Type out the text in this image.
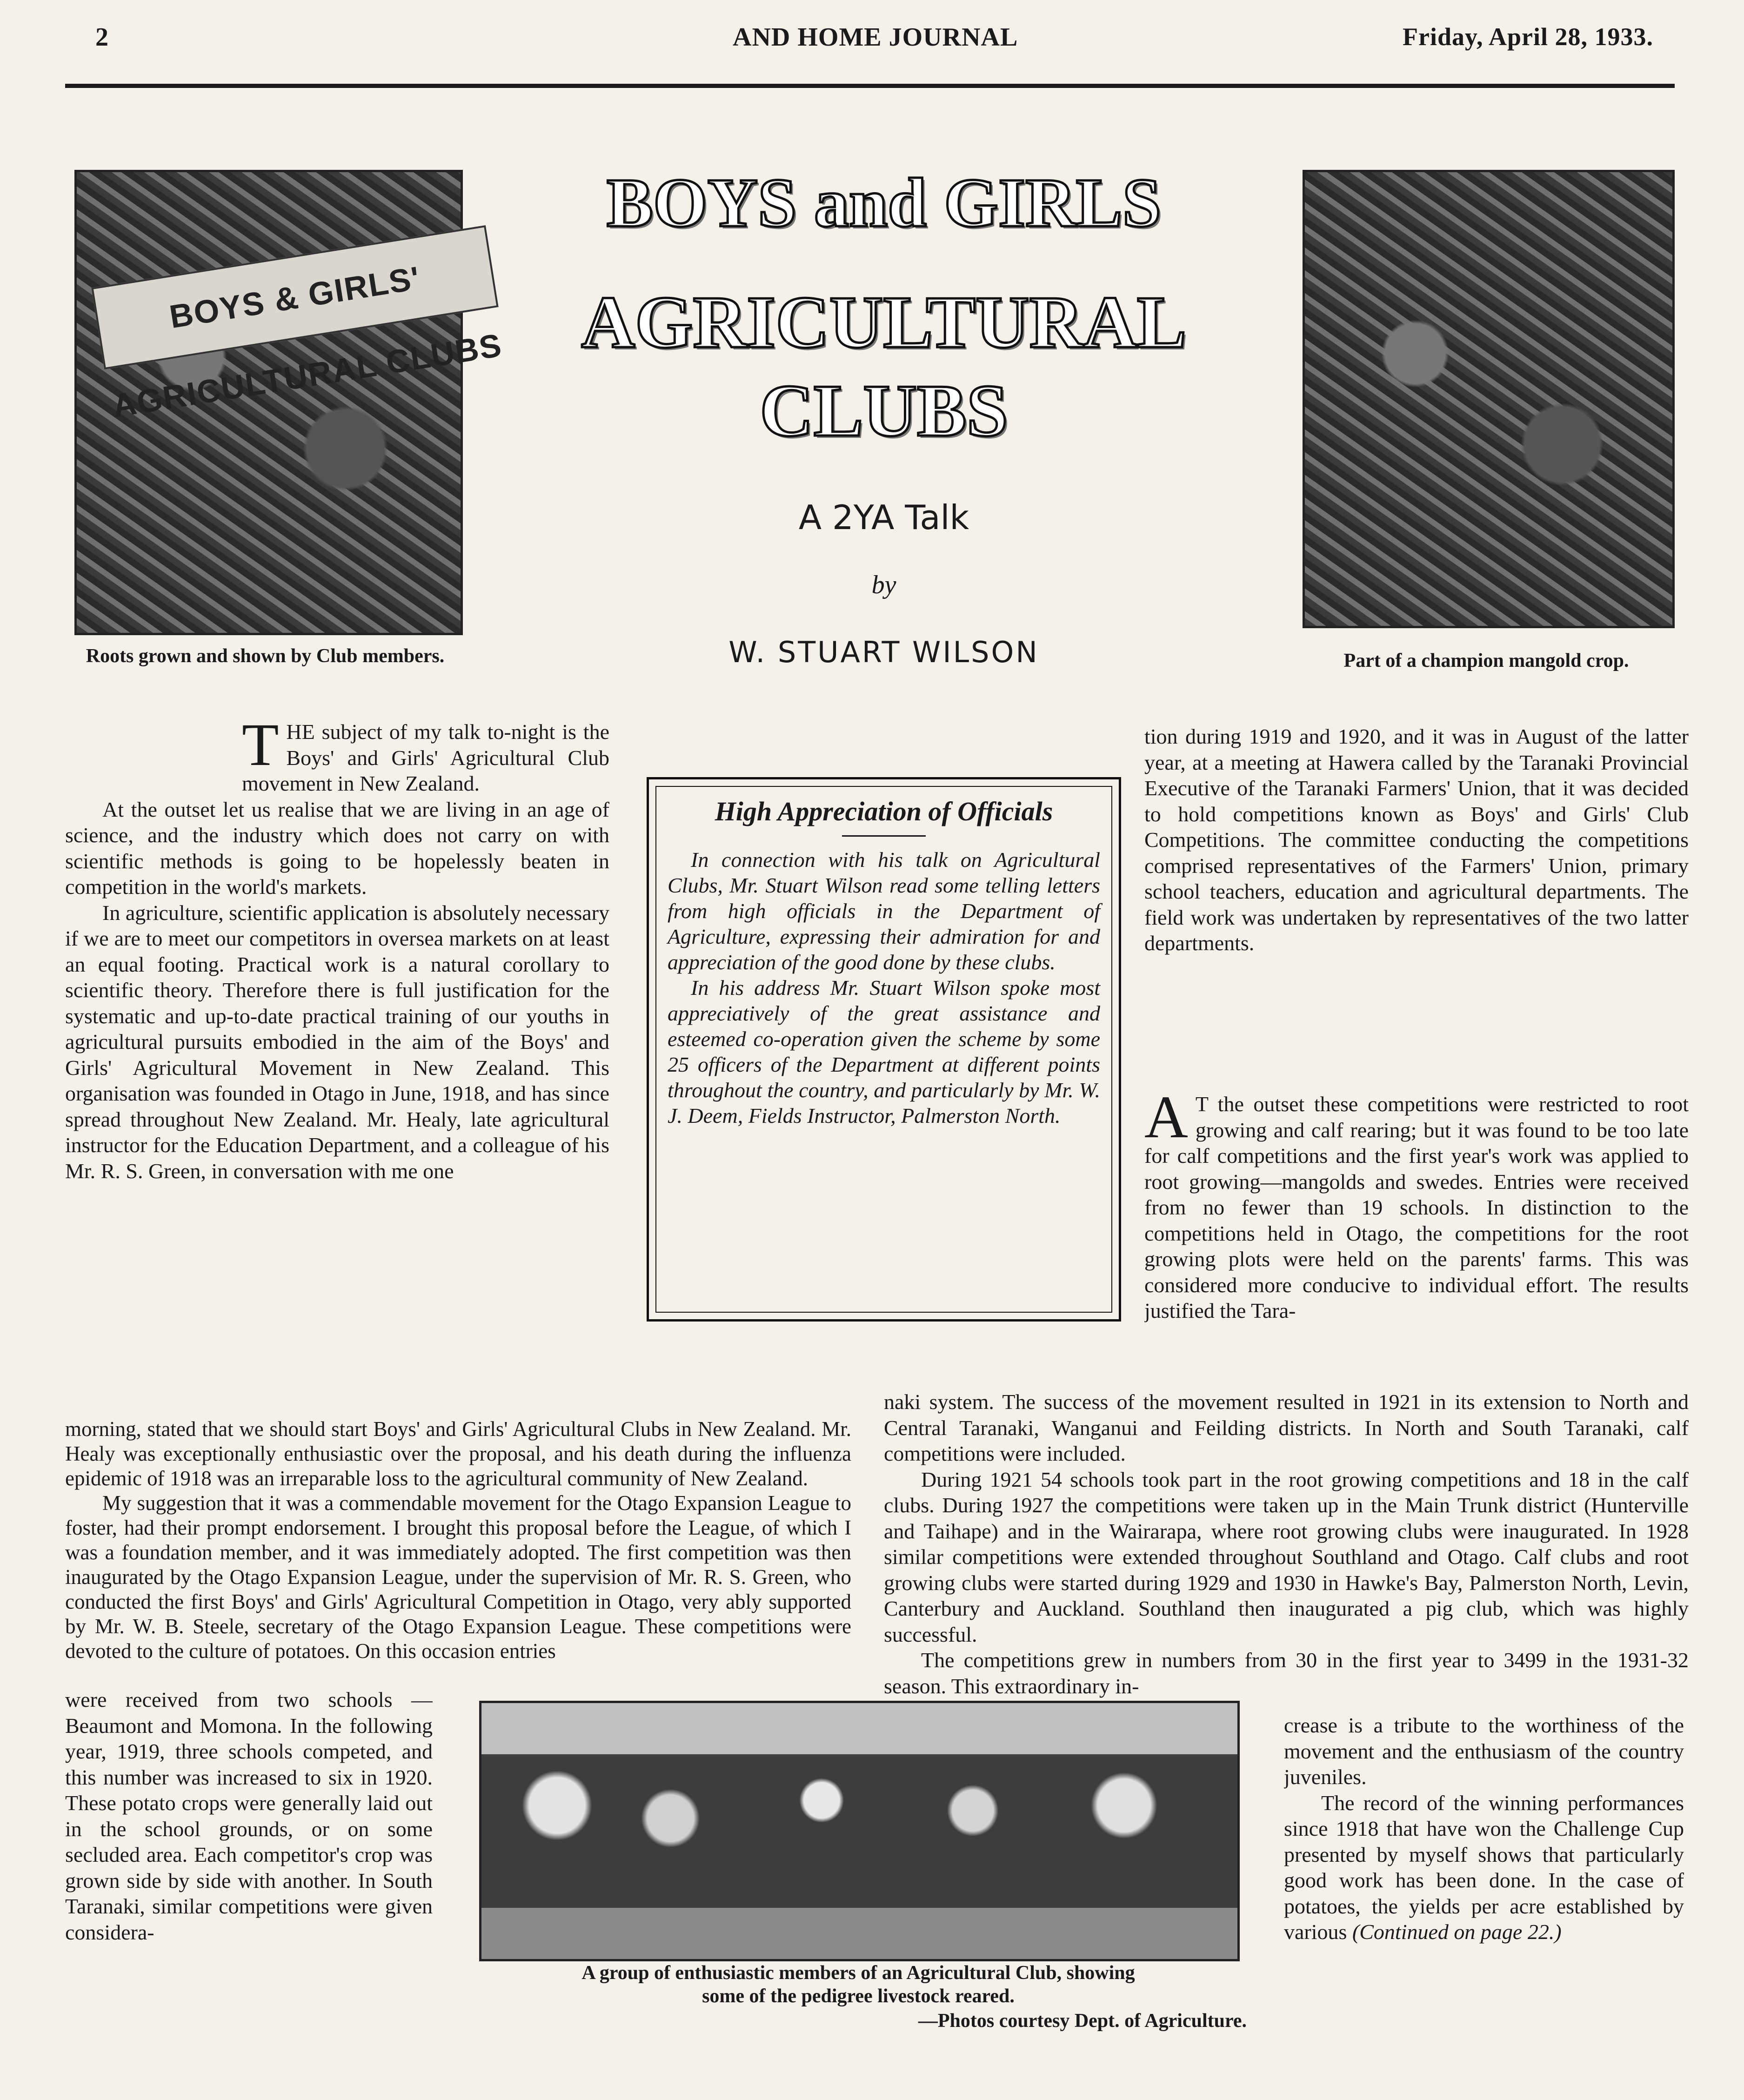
2	AND HOME JOURNAL	Friday, April 28, 1933.
BOYS & GIRLS' AGRICULTURAL CLUBS
Roots grown and shown by Club members.	Part of a champion mangold crop.
BOYS and GIRLS
AGRICULTURAL
CLUBS
A 2YA Talk
by
W. STUART WILSON
High Appreciation of Officials

In connection with his talk on Agricultural Clubs, Mr. Stuart Wilson read some telling letters from high officials in the Department of Agriculture, expressing their admiration for and appreciation of the good done by these clubs.

In his address Mr. Stuart Wilson spoke most appreciatively of the great assistance and esteemed co-operation given the scheme by some 25 officers of the Department at different points throughout the country, and particularly by Mr. W. J. Deem, Fields Instructor, Palmerston North.

THE subject of my talk to-night is the Boys' and Girls' Agricultural Club movement in New Zealand.

At the outset let us realise that we are living in an age of science, and the industry which does not carry on with scientific methods is going to be hopelessly beaten in competition in the world's markets.

In agriculture, scientific application is absolutely necessary if we are to meet our competitors in oversea markets on at least an equal footing. Practical work is a natural corollary to scientific theory. Therefore there is full justification for the systematic and up-to-date practical training of our youths in agricultural pursuits embodied in the aim of the Boys' and Girls' Agricultural Movement in New Zealand. This organisation was founded in Otago in June, 1918, and has since spread throughout New Zealand. Mr. Healy, late agricultural instructor for the Education Department, and a colleague of his Mr. R. S. Green, in conversation with me one

morning, stated that we should start Boys' and Girls' Agricultural Clubs in New Zealand. Mr. Healy was exceptionally enthusiastic over the proposal, and his death during the influenza epidemic of 1918 was an irreparable loss to the agricultural community of New Zealand.

My suggestion that it was a commendable movement for the Otago Expansion League to foster, had their prompt endorsement. I brought this proposal before the League, of which I was a foundation member, and it was immediately adopted. The first competition was then inaugurated by the Otago Expansion League, under the supervision of Mr. R. S. Green, who conducted the first Boys' and Girls' Agricultural Competition in Otago, very ably supported by Mr. W. B. Steele, secretary of the Otago Expansion League. These competitions were devoted to the culture of potatoes. On this occasion entries

were received from two schools —Beaumont and Momona. In the following year, 1919, three schools competed, and this number was increased to six in 1920. These potato crops were generally laid out in the school grounds, or on some secluded area. Each competitor's crop was grown side by side with another. In South Taranaki, similar competitions were given considera-

A group of enthusiastic members of an Agricultural Club, showing
some of the pedigree livestock reared.
—Photos courtesy Dept. of Agriculture.

tion during 1919 and 1920, and it was in August of the latter year, at a meeting at Hawera called by the Taranaki Provincial Executive of the Taranaki Farmers' Union, that it was decided to hold competitions known as Boys' and Girls' Club Competitions. The committee conducting the competitions comprised representatives of the Farmers' Union, primary school teachers, education and agricultural departments. The field work was undertaken by representatives of the two latter departments.

A T the outset these competitions were restricted to root growing and calf rearing; but it was found to be too late for calf competitions and the first year's work was applied to root growing—mangolds and swedes. Entries were received from no fewer than 19 schools. In distinction to the competitions held in Otago, the competitions for the root growing plots were held on the parents' farms. This was considered more conducive to individual effort. The results justified the Tara-

naki system. The success of the movement resulted in 1921 in its extension to North and Central Taranaki, Wanganui and Feilding districts. In North and South Taranaki, calf competitions were included.

During 1921 54 schools took part in the root growing competitions and 18 in the calf clubs. During 1927 the competitions were taken up in the Main Trunk district (Hunterville and Taihape) and in the Wairarapa, where root growing clubs were inaugurated. In 1928 similar competitions were extended throughout Southland and Otago. Calf clubs and root growing clubs were started during 1929 and 1930 in Hawke's Bay, Palmerston North, Levin, Canterbury and Auckland. Southland then inaugurated a pig club, which was highly successful.

The competitions grew in numbers from 30 in the first year to 3499 in the 1931-32 season. This extraordinary in-

crease is a tribute to the worthiness of the movement and the enthusiasm of the country juveniles.

The record of the winning performances since 1918 that have won the Challenge Cup presented by myself shows that particularly good work has been done. In the case of potatoes, the yields per acre established by various (Continued on page 22.)
